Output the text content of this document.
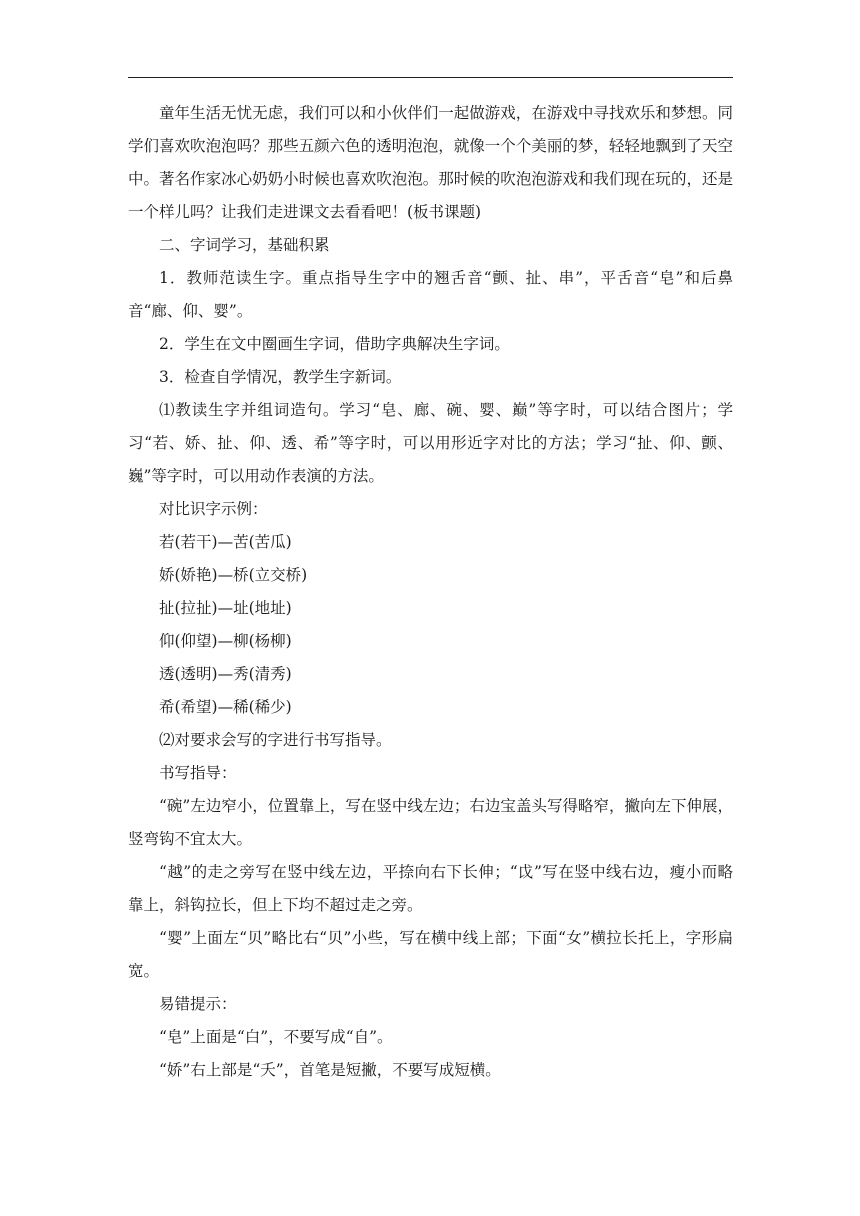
童年生活无忧无虑，我们可以和小伙伴们一起做游戏，在游戏中寻找欢乐和梦想。同学们喜欢吹泡泡吗？那些五颜六色的透明泡泡，就像一个个美丽的梦，轻轻地飘到了天空中。著名作家冰心奶奶小时候也喜欢吹泡泡。那时候的吹泡泡游戏和我们现在玩的，还是一个样儿吗？让我们走进课文去看看吧！(板书课题)

二、字词学习，基础积累

1．教师范读生字。重点指导生字中的翘舌音“颤、扯、串”，平舌音“皂”和后鼻音“廊、仰、婴”。

2．学生在文中圈画生字词，借助字典解决生字词。

3．检查自学情况，教学生字新词。

⑴教读生字并组词造句。学习“皂、廊、碗、婴、巅”等字时，可以结合图片；学习“若、娇、扯、仰、透、希”等字时，可以用形近字对比的方法；学习“扯、仰、颤、巍”等字时，可以用动作表演的方法。

对比识字示例：

若(若干)—苦(苦瓜)

娇(娇艳)—桥(立交桥)

扯(拉扯)—址(地址)

仰(仰望)—柳(杨柳)

透(透明)—秀(清秀)

希(希望)—稀(稀少)

⑵对要求会写的字进行书写指导。

书写指导：

“碗”左边窄小，位置靠上，写在竖中线左边；右边宝盖头写得略窄，撇向左下伸展，竖弯钩不宜太大。

“越”的走之旁写在竖中线左边，平捺向右下长伸；“戉”写在竖中线右边，瘦小而略靠上，斜钩拉长，但上下均不超过走之旁。

“婴”上面左“贝”略比右“贝”小些，写在横中线上部；下面“女”横拉长托上，字形扁宽。

易错提示：

“皂”上面是“白”，不要写成“自”。

“娇”右上部是“夭”，首笔是短撇，不要写成短横。
